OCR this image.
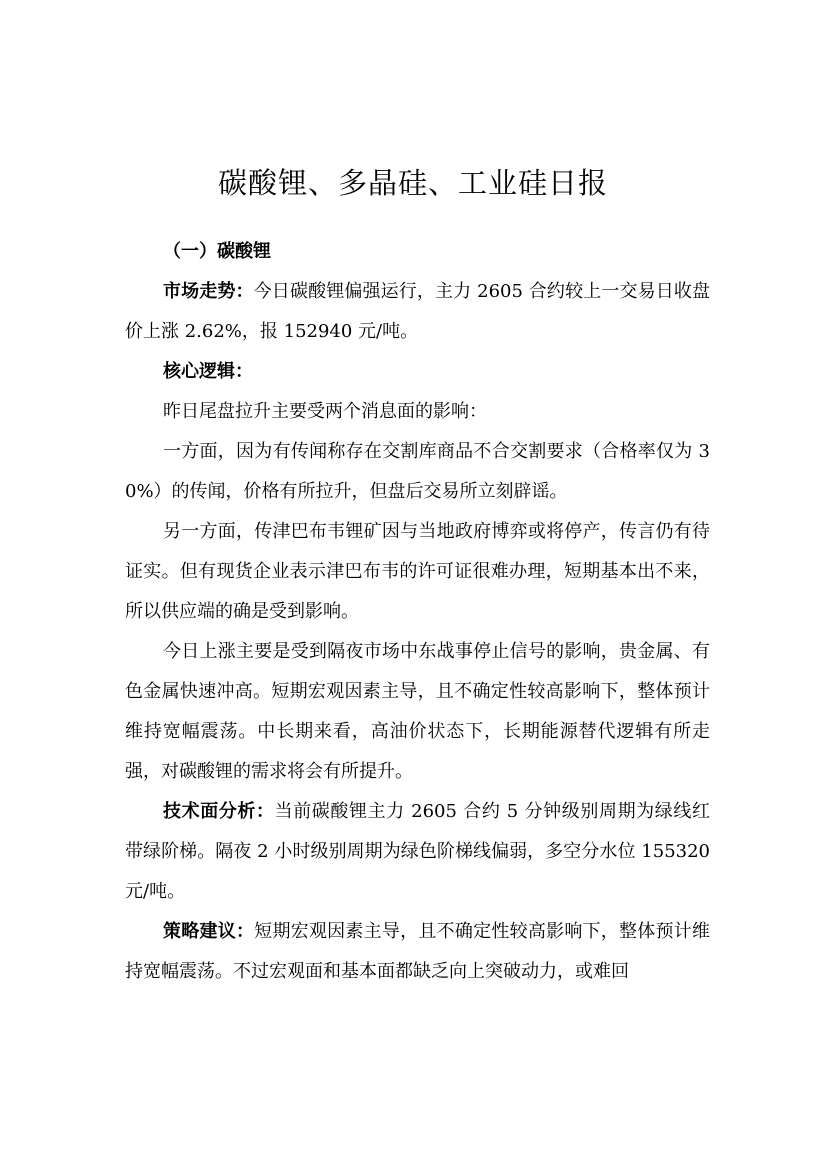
碳酸锂、多晶硅、工业硅日报

（一）碳酸锂

市场走势：今日碳酸锂偏强运行，主力 2605 合约较上一交易日收盘价上涨 2.62%，报 152940 元/吨。

核心逻辑：

昨日尾盘拉升主要受两个消息面的影响：

一方面，因为有传闻称存在交割库商品不合交割要求（合格率仅为 30%）的传闻，价格有所拉升，但盘后交易所立刻辟谣。

另一方面，传津巴布韦锂矿因与当地政府博弈或将停产，传言仍有待证实。但有现货企业表示津巴布韦的许可证很难办理，短期基本出不来，所以供应端的确是受到影响。

今日上涨主要是受到隔夜市场中东战事停止信号的影响，贵金属、有色金属快速冲高。短期宏观因素主导，且不确定性较高影响下，整体预计维持宽幅震荡。中长期来看，高油价状态下，长期能源替代逻辑有所走强，对碳酸锂的需求将会有所提升。

技术面分析：当前碳酸锂主力 2605 合约 5 分钟级别周期为绿线红带绿阶梯。隔夜 2 小时级别周期为绿色阶梯线偏弱，多空分水位 155320 元/吨。

策略建议：短期宏观因素主导，且不确定性较高影响下，整体预计维持宽幅震荡。不过宏观面和基本面都缺乏向上突破动力，或难回
